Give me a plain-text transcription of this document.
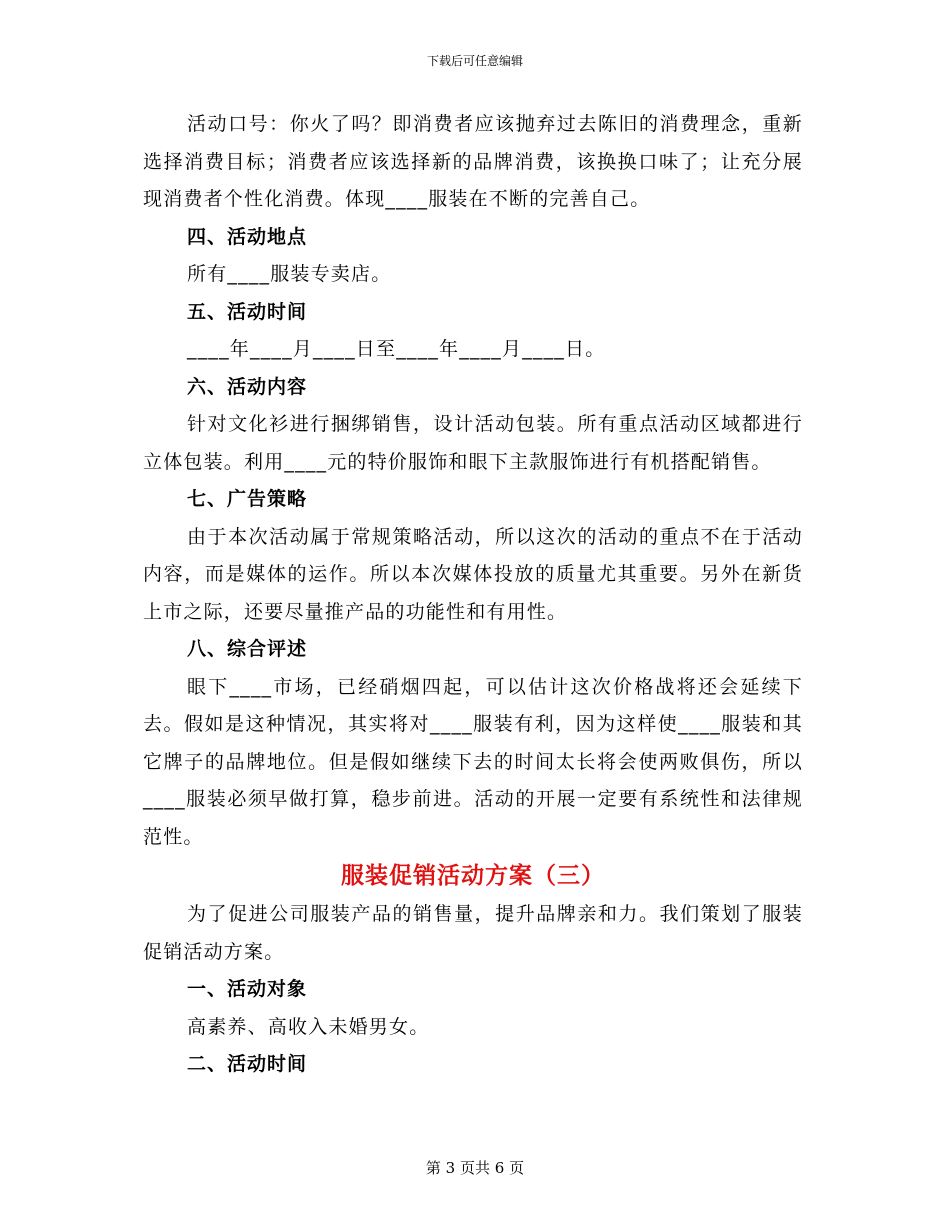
下载后可任意编辑

活动口号：你火了吗？即消费者应该抛弃过去陈旧的消费理念，重新选择消费目标；消费者应该选择新的品牌消费，该换换口味了；让充分展现消费者个性化消费。体现____服装在不断的完善自己。

四、活动地点

所有____服装专卖店。

五、活动时间

____年____月____日至____年____月____日。

六、活动内容

针对文化衫进行捆绑销售，设计活动包装。所有重点活动区域都进行立体包装。利用____元的特价服饰和眼下主款服饰进行有机搭配销售。

七、广告策略

由于本次活动属于常规策略活动，所以这次的活动的重点不在于活动内容，而是媒体的运作。所以本次媒体投放的质量尤其重要。另外在新货上市之际，还要尽量推产品的功能性和有用性。

八、综合评述

眼下____市场，已经硝烟四起，可以估计这次价格战将还会延续下去。假如是这种情况，其实将对____服装有利，因为这样使____服装和其它牌子的品牌地位。但是假如继续下去的时间太长将会使两败俱伤，所以____服装必须早做打算，稳步前进。活动的开展一定要有系统性和法律规范性。

服装促销活动方案（三）

为了促进公司服装产品的销售量，提升品牌亲和力。我们策划了服装促销活动方案。

一、活动对象

高素养、高收入未婚男女。

二、活动时间

第 3 页共 6 页
